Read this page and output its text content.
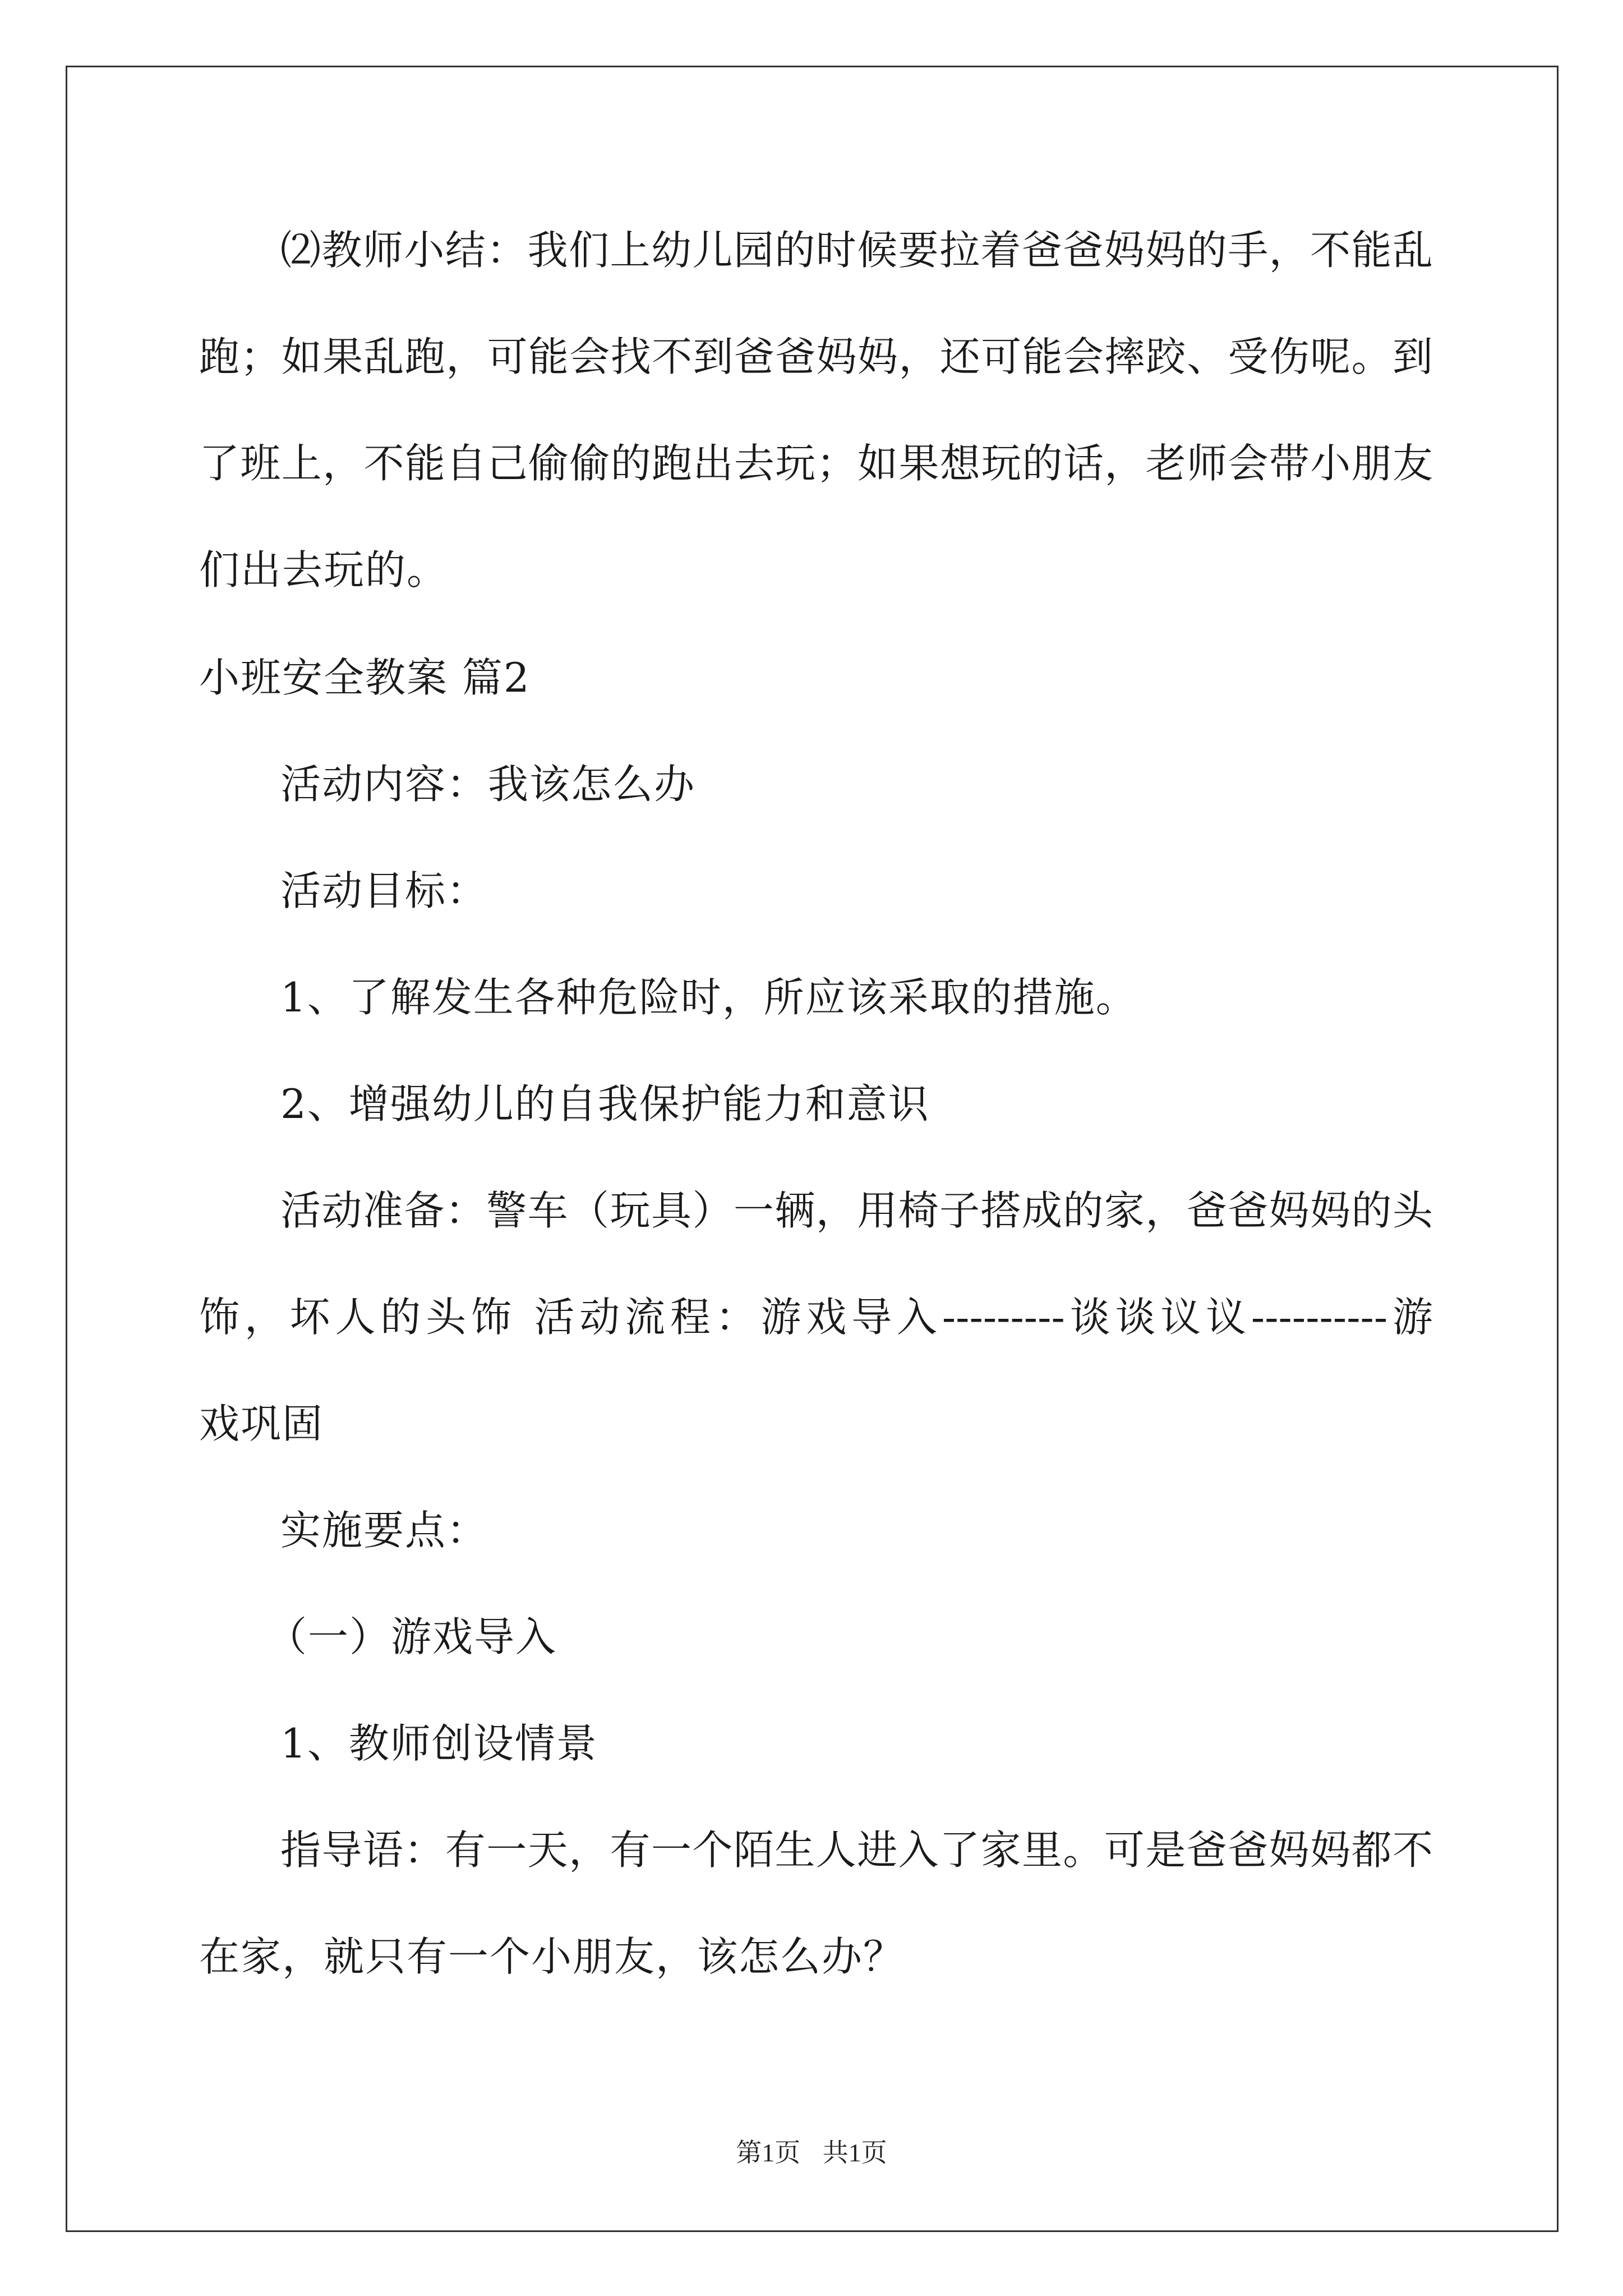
⑵教师小结：我们上幼儿园的时候要拉着爸爸妈妈的手，不能乱
跑；如果乱跑，可能会找不到爸爸妈妈，还可能会摔跤、受伤呢。到
了班上，不能自己偷偷的跑出去玩；如果想玩的话，老师会带小朋友
们出去玩的。
小班安全教案 篇2
活动内容：我该怎么办
活动目标：
1、了解发生各种危险时，所应该采取的措施。
2、增强幼儿的自我保护能力和意识
活动准备：警车（玩具）一辆，用椅子搭成的家，爸爸妈妈的头
饰，坏人的头饰 活动流程：游戏导入---------谈谈议议----------游
戏巩固
实施要点：
（一）游戏导入
1、教师创设情景
指导语：有一天，有一个陌生人进入了家里。可是爸爸妈妈都不
在家，就只有一个小朋友，该怎么办？
第1页 共1页
